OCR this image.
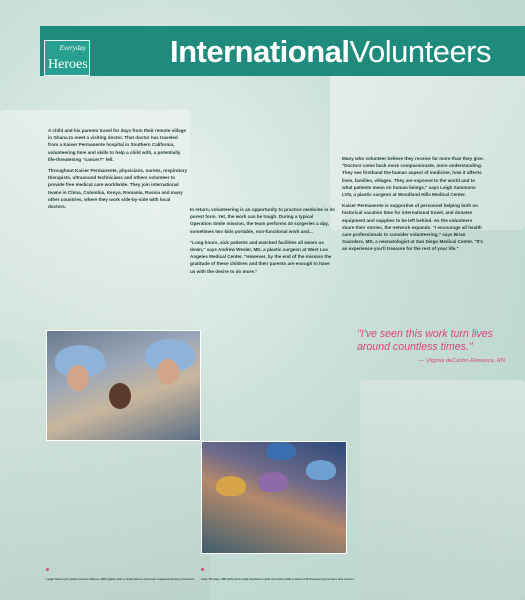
InternationalVolunteers
Everyday
Heroes

A child and his parents travel for days from their remote village in Ghana to meet a visiting doctor. That doctor has traveled from a Kaiser Permanente hospital in Southern California, volunteering time and skills to help a child with, a potentially life-threatening "cancer?" fell.

Throughout Kaiser Permanente, physicians, nurses, respiratory therapists, ultrasound technicians and others volunteer to provide free medical care worldwide. They join international teams in China, Colombia, Kenya, Romania, Russia and many other countries, where they work side-by-side with local doctors.

In return, volunteering is an opportunity to practice medicine in its purest form. Yet, the work can be tough. During a typical Operation Smile mission, the team performs 40 surgeries a day, sometimes two kids portable, non-functional work and...

"Long hours, sick patients and watched facilities all wears us down," says Andrew Wexler, MD, a plastic surgeon at West Los Angeles Medical Center. "However, by the end of the mission the gratitude of these children and their parents are enough to have us with the desire to do more."

Many who volunteer believe they receive far more than they give. "Doctors come back more compassionate, more understanding. They see firsthand the human aspect of medicine, how it affects lives, families, villages. They are exposed to the world and to what patients mean on human beings," says Leigh Sammons LVN, a plastic surgeon at Woodland Hills Medical Center.

Kaiser Permanente is supportive of personnel helping both on historical vacation time for international travel, and donates equipment and supplies to be left behind. As the volunteers share their stories, the network expands. "I encourage all health care professionals to consider volunteering," says Brian Saunders, MD, a neonatologist at San Diego Medical Center. "It's an experience you'll treasure for the rest of your life."

"I've seen this work turn lives around countless times."
— Virginia deCastro-Reisance, RN
Leigh Sammons (left) and Joe Ramos, MD (right) with a child whose cleft was repaired during a mission. Alan Thomas, MD (left) and Leigh Sammons (left of center) with a team of Romanian physicians and nurses.
